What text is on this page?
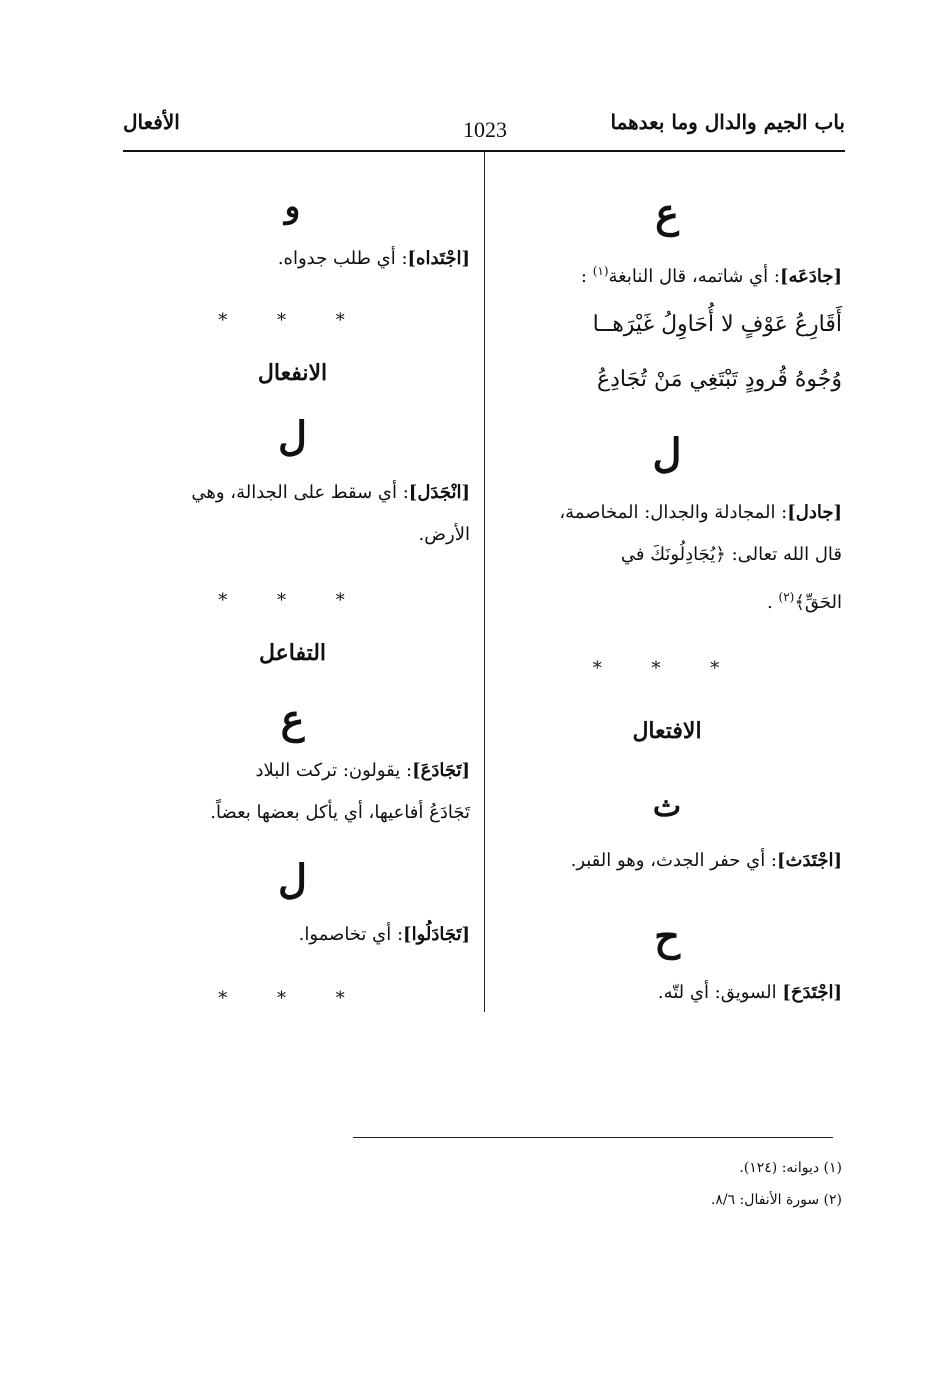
باب الجيم والدال وما بعدهما
1023
الأفعال
ع
[جادَعَه]: أي شاتمه، قال النابغة$^{(١)}$ :
أَقَارِعُ عَوْفٍ لا أُحَاوِلُ غَيْرَهــا
وُجُوهُ قُرودٍ تَبْتَغِي مَنْ تُجَادِعُ
ل
[جادل]: المجادلة والجدال: المخاصمة،
قال الله تعالى: ﴿يُجَادِلُونَكَ في
الحَقِّ﴾$^{(٢)}$ .
* * *
الافتعال
ث
[اجْتَدَث]: أي حفر الجدث، وهو القبر.
ح
[اجْتَدَحَ] السويق: أي لتّه.
و
[اجْتَداه]: أي طلب جدواه.
* * *
الانفعال
ل
[انْجَدَل]: أي سقط على الجدالة، وهي
الأرض.
* * *
التفاعل
ع
[تَجَادَعَ]: يقولون: تركت البلاد
تَجَادَعُ أفاعيها، أي يأكل بعضها بعضاً.
ل
[تَجَادَلُوا]: أي تخاصموا.
* * *
(١) ديوانه: (١٢٤).
(٢) سورة الأنفال: ٨/٦.
